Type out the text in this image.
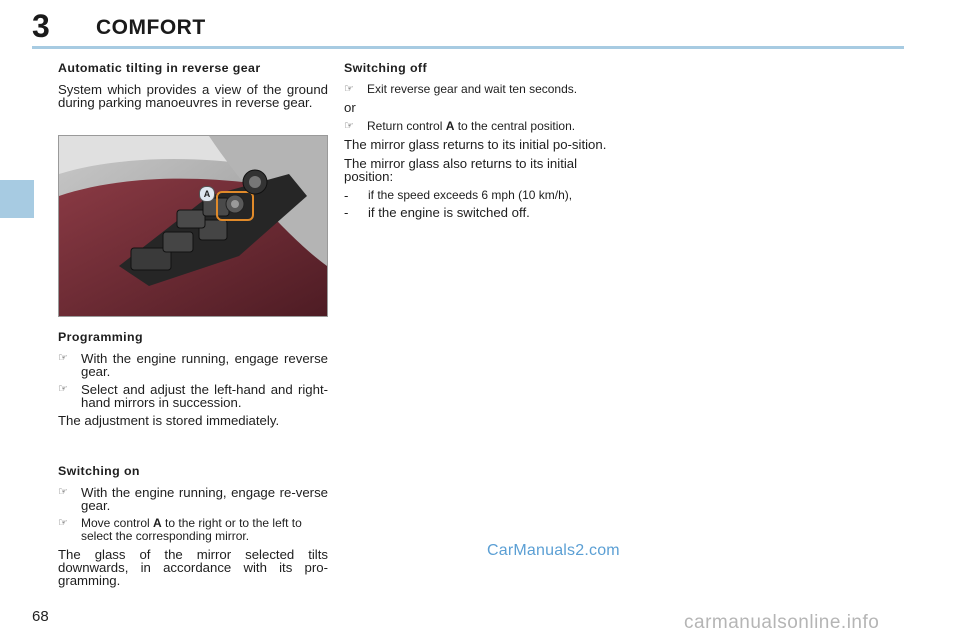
3 COMFORT
Automatic tilting in reverse gear
System which provides a view of the ground during parking manoeuvres in reverse gear.
A
Programming
☞ With the engine running, engage reverse gear.
☞ Select and adjust the left-hand and right-hand mirrors in succession.
The adjustment is stored immediately.
Switching on
☞ With the engine running, engage re-verse gear.
☞	Move control A to the right or to the left to select the corresponding mirror.
The glass of the mirror selected tilts downwards, in accordance with its pro-gramming.
Switching off
☞	Exit reverse gear and wait ten seconds.
or
☞	Return control A to the central position.
The mirror glass returns to its initial po-sition.
The mirror glass also returns to its initial position:
-	if the speed exceeds 6 mph (10 km/h),
-	if the engine is switched off.
68
CarManuals2.com
carmanualsonline.info
